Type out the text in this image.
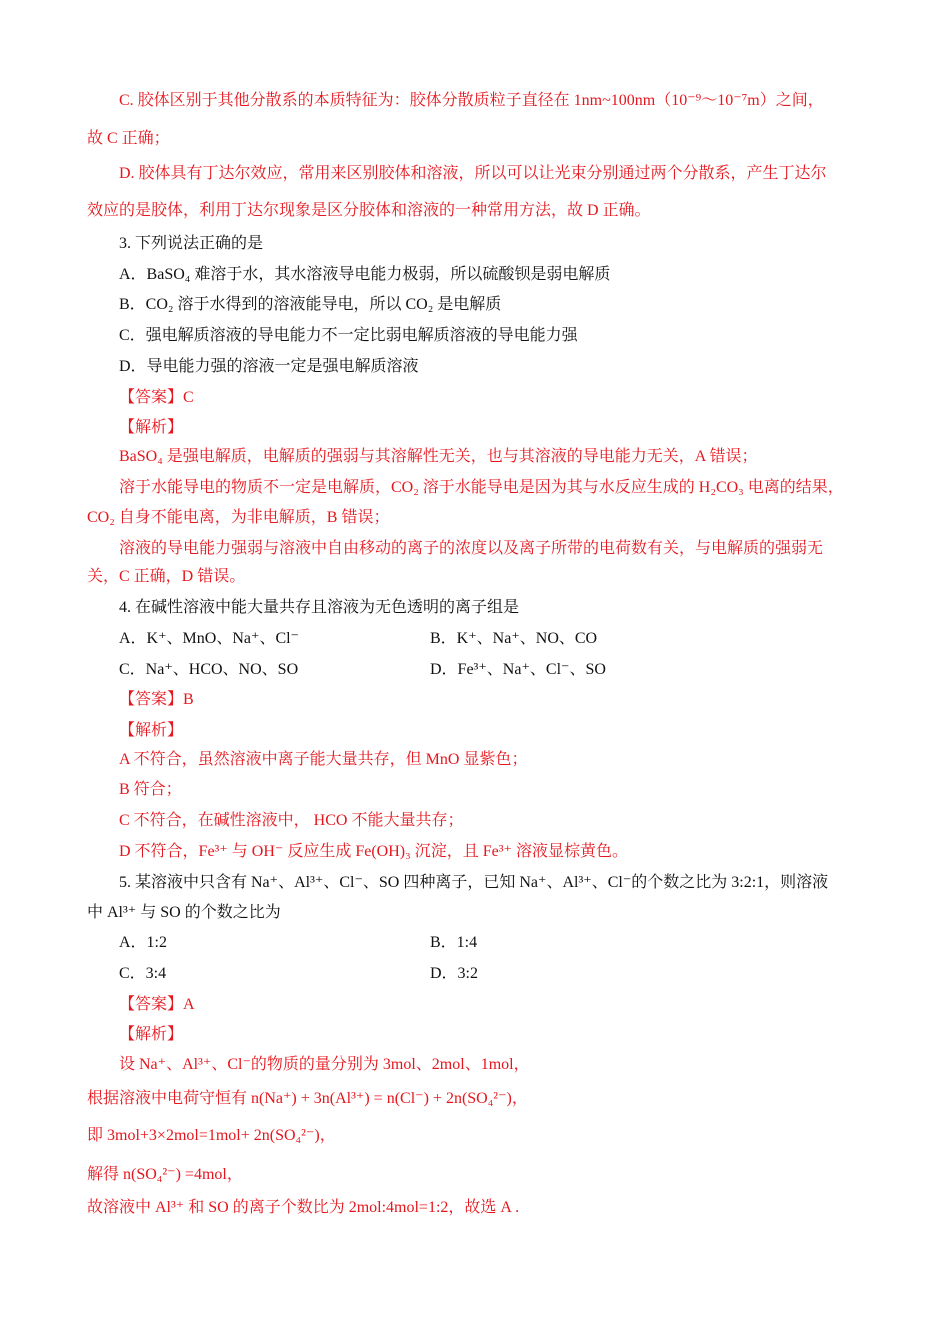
C. 胶体区别于其他分散系的本质特征为：胶体分散质粒子直径在 1nm~100nm（10⁻⁹～10⁻⁷m）之间，
故 C 正确；
D. 胶体具有丁达尔效应，常用来区别胶体和溶液，所以可以让光束分别通过两个分散系，产生丁达尔
效应的是胶体，利用丁达尔现象是区分胶体和溶液的一种常用方法，故 D 正确。
3. 下列说法正确的是
A．BaSO₄ 难溶于水，其水溶液导电能力极弱，所以硫酸钡是弱电解质
B．CO₂ 溶于水得到的溶液能导电，所以 CO₂ 是电解质
C．强电解质溶液的导电能力不一定比弱电解质溶液的导电能力强
D．导电能力强的溶液一定是强电解质溶液
【答案】C
【解析】
BaSO₄ 是强电解质，电解质的强弱与其溶解性无关，也与其溶液的导电能力无关，A 错误；
溶于水能导电的物质不一定是电解质，CO₂ 溶于水能导电是因为其与水反应生成的 H₂CO₃ 电离的结果，
CO₂ 自身不能电离，为非电解质，B 错误；
溶液的导电能力强弱与溶液中自由移动的离子的浓度以及离子所带的电荷数有关，与电解质的强弱无
关，C 正确，D 错误。
4. 在碱性溶液中能大量共存且溶液为无色透明的离子组是
A．K⁺、MnO、Na⁺、Cl⁻	B．K⁺、Na⁺、NO、CO
C．Na⁺、HCO、NO、SO	D．Fe³⁺、Na⁺、Cl⁻、SO
【答案】B
【解析】
A 不符合，虽然溶液中离子能大量共存，但 MnO 显紫色；
B 符合；
C 不符合，在碱性溶液中， HCO 不能大量共存；
D 不符合，Fe³⁺ 与 OH⁻ 反应生成 Fe(OH)₃ 沉淀，且 Fe³⁺ 溶液显棕黄色。
5. 某溶液中只含有 Na⁺、Al³⁺、Cl⁻、SO 四种离子，已知 Na⁺、Al³⁺、Cl⁻的个数之比为 3:2:1，则溶液
中 Al³⁺ 与 SO 的个数之比为
A．1:2	B．1:4
C．3:4	D．3:2
【答案】A
【解析】
设 Na⁺、Al³⁺、Cl⁻的物质的量分别为 3mol、2mol、1mol，
根据溶液中电荷守恒有 n(Na⁺) + 3n(Al³⁺) = n(Cl⁻) + 2n(SO₄²⁻)，
即 3mol+3×2mol=1mol+ 2n(SO₄²⁻)，
解得 n(SO₄²⁻) =4mol，
故溶液中 Al³⁺ 和 SO 的离子个数比为 2mol:4mol=1:2，故选 A .
